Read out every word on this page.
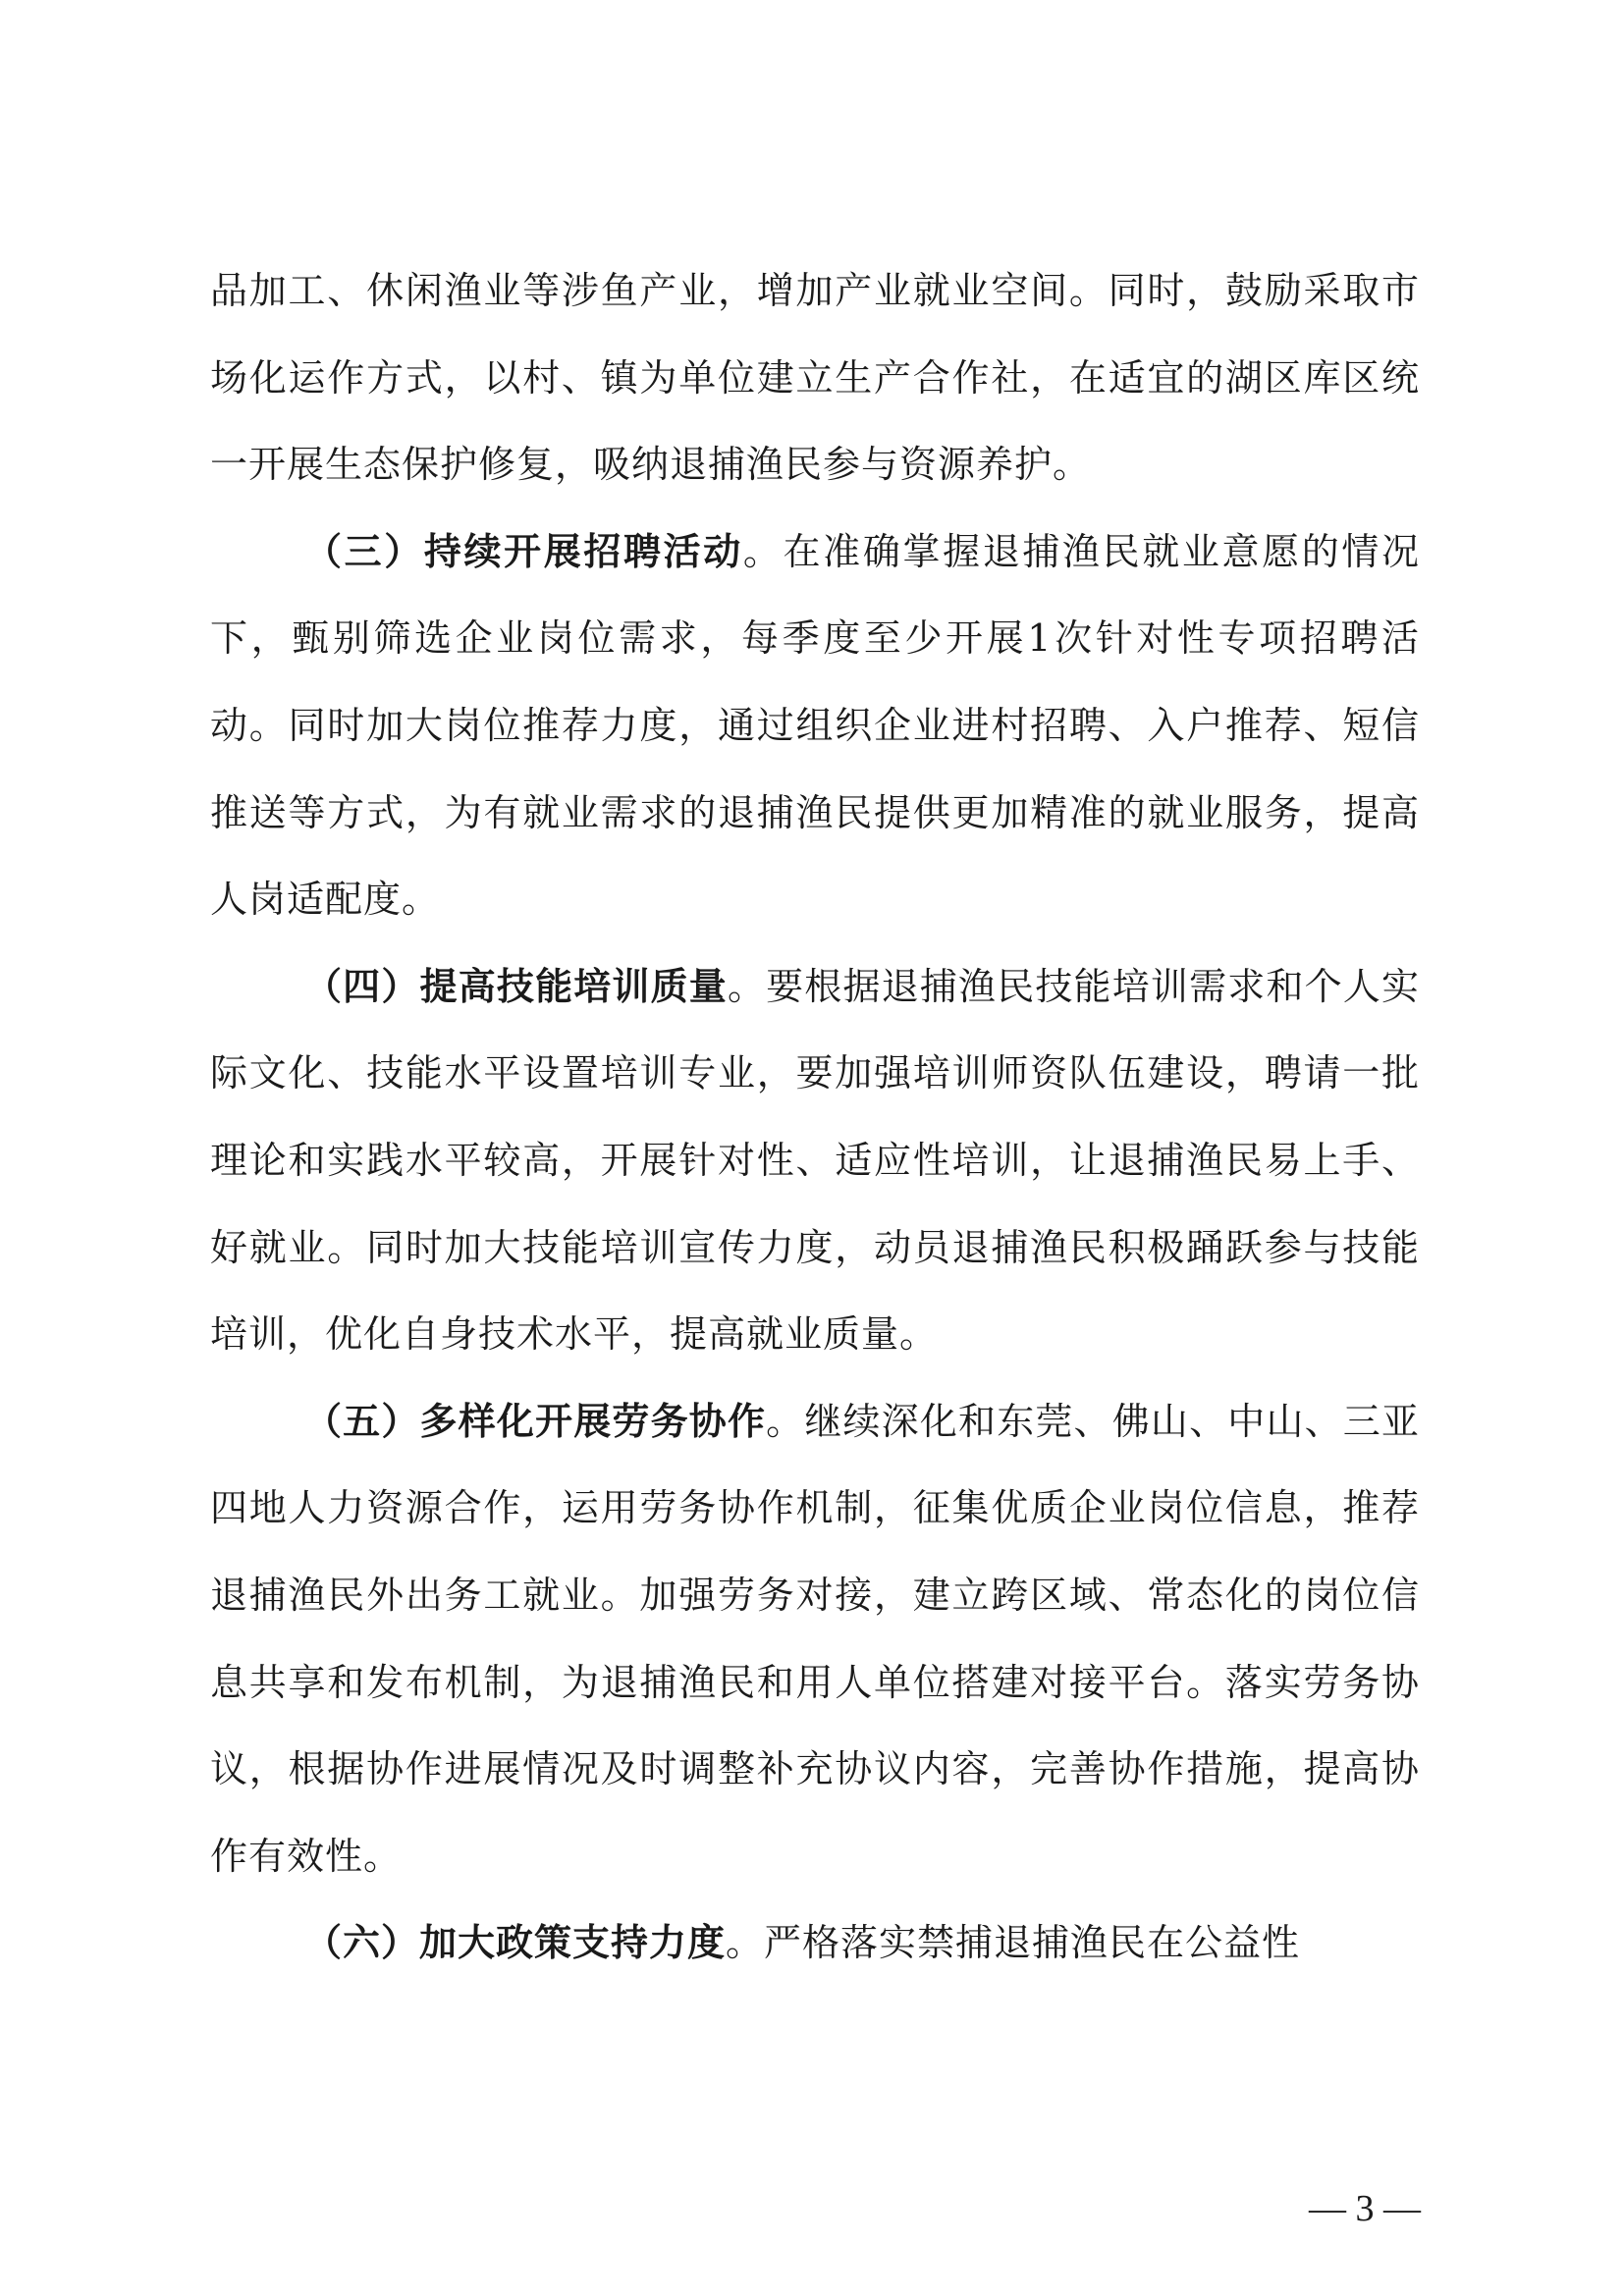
品加工、休闲渔业等涉鱼产业，增加产业就业空间。同时，鼓励采取市场化运作方式，以村、镇为单位建立生产合作社，在适宜的湖区库区统一开展生态保护修复，吸纳退捕渔民参与资源养护。

（三）持续开展招聘活动。在准确掌握退捕渔民就业意愿的情况下，甄别筛选企业岗位需求，每季度至少开展1次针对性专项招聘活动。同时加大岗位推荐力度，通过组织企业进村招聘、入户推荐、短信推送等方式，为有就业需求的退捕渔民提供更加精准的就业服务，提高人岗适配度。

（四）提高技能培训质量。要根据退捕渔民技能培训需求和个人实际文化、技能水平设置培训专业，要加强培训师资队伍建设，聘请一批理论和实践水平较高，开展针对性、适应性培训，让退捕渔民易上手、好就业。同时加大技能培训宣传力度，动员退捕渔民积极踊跃参与技能培训，优化自身技术水平，提高就业质量。

（五）多样化开展劳务协作。继续深化和东莞、佛山、中山、三亚四地人力资源合作，运用劳务协作机制，征集优质企业岗位信息，推荐退捕渔民外出务工就业。加强劳务对接，建立跨区域、常态化的岗位信息共享和发布机制，为退捕渔民和用人单位搭建对接平台。落实劳务协议，根据协作进展情况及时调整补充协议内容，完善协作措施，提高协作有效性。

（六）加大政策支持力度。严格落实禁捕退捕渔民在公益性

— 3 —
